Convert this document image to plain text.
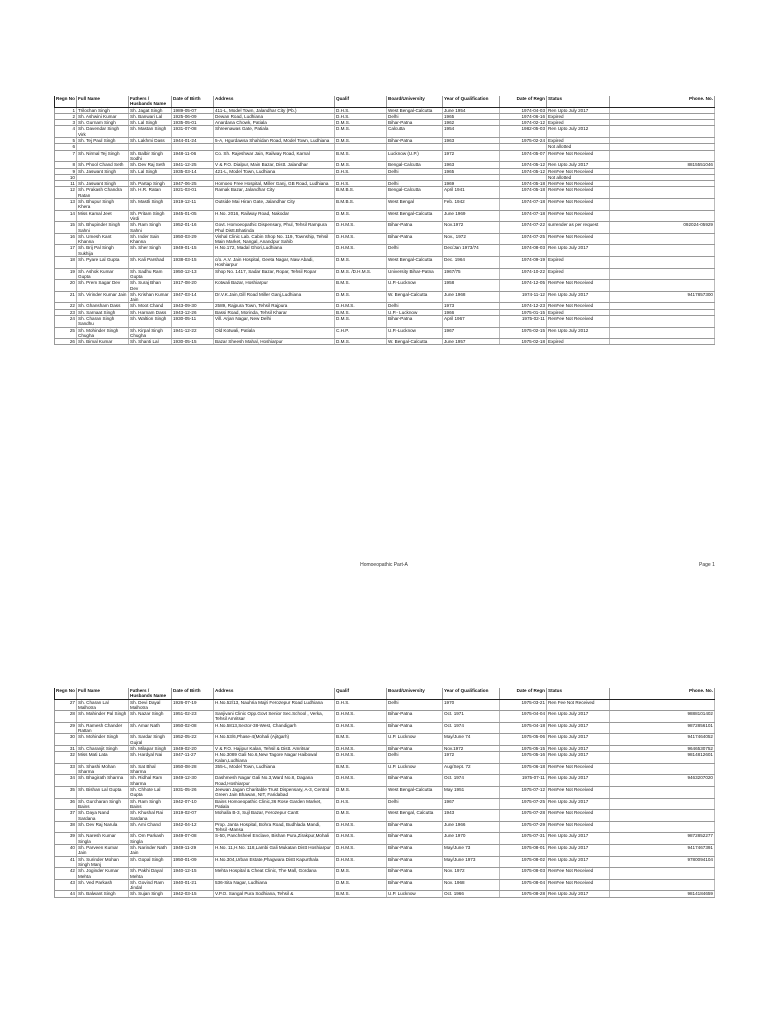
Regn No	Full Name	Fathers / Husbands Name	Date of Birth	Address	Qualif	Board/University	Year of Qualification	Date of Regn	Status	Phone. No.
1	Trilochan Singh	Sh. Jagat Singh	1989-05-07	411-L, Model Town, Jalandhar City (Pb.)	D.H.S.	West Bengal-Calcutta	June 1954	1974-04-03	Ren Upto July 2017	
2	Sh. Ashwini Kumar	Sh. Banwari Lal	1925-06-09	Dewan Road, Ludhiana	D.H.S.	Delhi	1965	1974-06-16	Expired	
3	Sh. Gurnam Singh	Sh. Lal Singh	1935-05-01	Anardana Chowk, Patiala	D.M.S.	Bihar-Patna	1962	1974-02-12	Expired	
4	Sh. Davendar Singh Virk	Sh. Mastan Singh	1931-07-08	Shreenawas Gate, Patiala	D.M.S.	Calcutta	1954	1982-05-03	Ren Upto July 2012	
5	Sh. Tej Paul Singh	Sh. Lakhmi Dass	1944-01-24	5-A, Hgurdawsa Shahidan Road, Model Town, Ludhiana	D.M.S.	Bihar-Patna	1963	1975-02-24	Expired	
6									Not allotted	
7	Sh. Nirmal Tej Singh	Sh. Balbir Singh Sodhi	1948-11-06	Co. Sh. Rajeshwar Jain, Railway Road, Karnal	B.M.S.	Lucknow (U.P.)	1972	1974-05-07	RenFee Not Received	
8	Sh. Phool Chand Seth	Sh. Dev Raj Seth	1941-12-25	V & P.O. Dialpur, Main Bazar, Distt. Jalandhar	D.M.S.	Bengal-Calcutta	1963	1974-05-12	Ren Upto July 2017	8815551046
9	Sh. Jaswant Singh	Sh. Lal Singh	1935-03-14	421-L, Model Town, Ludhiana	D.H.S.	Delhi	1965	1974-05-12	RenFee Not Received	
10									Not allotted	
11	Sh. Jaswant Singh	Sh. Partap Singh	1947-06-25	Homoeo Free Hospital, Miller Ganj, GB Road, Ludhiana	D.H.S.	Delhi	1969	1974-05-18	RenFee Not Received	
12	Sh. Prakash Chandra Ratan	Sh. H.R. Ratan	1921-03-01	Ramak Bazar, Jalandhar City	B.M.B.S.	Bengal-Calcutta	April 1941	1974-05-18	RenFee Not Received	
13	Sh. Bhupur Singh Khera	Sh. Mastli Singh	1919-12-11	Outside Mai Hiran Gate, Jalandhar City	B.M.B.S.	West Bengal	Feb. 1942	1974-07-18	RenFee Not Received	
14	Miss Kamal Jeet	Sh. Pritam Singh Virdi	1945-01-05	H.No. 2016, Railway Road, Nakodar	D.M.S.	West Bengal-Calcutta	June 1969	1974-07-18	RenFee Not Received	
15	Sh. Bhupinder Singh Sahni	Sh. Ram Singh Sahni	1952-01-16	Govt. Homoeopathic Dispensary, Phul, Tehsil Rampura Phul Distt.Bhatinda	D.H.M.S.	Bihar-Patna	Nov.1972	1974-07-22	surrender as per request	092024-05929
16	Sh. Umesh Kant Khanna	Sh. Inder Sain Khanna	1950-03-29	Vishal Clinic Lab. Cabin Shop No. 119, Township, Tehsil Main Market, Nangal, Anandpur Sahib	D.H.M.S.	Bihar-Patna	Nov., 1972	1974-07-25	RenFee Not Received	
17	Sh. Brij Pal Singh Sukhija	Sh. Sher Singh	1949-01-15	H.No.172, Madal Ghori,Ludhiana	D.H.M.S.	Delhi	Dec/Jan 1973/74	1974-08-03	Ren Upto July 2017	
18	Sh. Pyare Lal Gupta	Sh. Kali Parshad	1938-03-15	c/o. A.V. Jain Hospital, Geeta Nagar, Naw Abadi, Hoshiarpur	D.M.S.	West Bengal-Calcutta	Dec. 1964	1974-09-19	Expired	
19	Sh. Ashok Kumar Gupta	Sh. Sadhu Ram Gupta	1950-12-13	Shop No. 1417, Sadar Bazar, Ropar, Tehsil Ropar	D.M.S. /D.H.M.S.	University Bihar-Patna	1967/75	1974-10-22	Expired	
20	Sh. Prem Sagar Dev	Sh. Suraj Bhan Dev	1917-08-20	Kotwali Bazar, Hoshiarpur	B.M.S.	U.P.-Lucknow	1958	1974-12-05	RenFee Not Received	
21	Sh. Virinder Kumar Jain	Sh. Krishan Kumar Jain	1947-03-14	Dr.V.K.Jain,Gill Road Miller Ganj,Ludhiana	D.M.S.	W. Bengal-Calcutta	June 1968	1974-11-12	Ren Upto July 2017	9417857300
22	Sh. Ghansham Dass	Sh. Moot Chand	1943-09-30	2589, Rajpura Town, Tehsil Rajpura	D.H.M.S.	Delhi	1973	1974-12-23	RenFee Not Received	
23	Sh. Sarnaat Singh	Sh. Harnam Dass	1943-12-26	Bassi Road, Morinda, Tehsil Kharar	B.M.S.	U.P.- Lucknow	1966	1975-01-15	Expired	
24	Sh. Charan Singh Sandhu	Sh. Waltion Singh	1930-05-11	Vill. Arjan Nagar, New Delhi	D.M.S.	Bihar-Patna	April 1967	1975-02-11	RenFee Not Received	
25	Sh. Mohinder Singh Chugha	Sh. Kirpal Singh Chugha	1941-12-22	Old Kotwali, Patiala	C.H.P.	U.P.-Lucknow	1967	1975-02-15	Ren Upto July 2012	
26	Sh. Bimal Kumar	Sh. Shanti Lal	1930-05-15	Bazar Sheesh Mahal, Hoshiarpur	D.M.S.	W. Bengal-Calcutta	June 1957	1975-02-18	Expired	
Homoeopathic Part-A	Page 1
Regn No	Full Name	Fathers / Husbands Name	Date of Birth	Address	Qualif	Board/University	Year of Qualification	Date of Regn	Status	Phone. No.
27	Sh. Charan Lal Malhotra	Sh. Devi Dayal Malhotra	1926-07-19	H.No.52/13, Nauhria Majri Ferozepur Road Ludhiana	D.H.S.	Delhi	1970	1975-03-21	Ren Fee Not Received	
28	Sh. Mahinder Pal Singh	Sh. Nazar Singh	1951-02-23	Sanjivani Clinic Opp.Govt Senior Sec.School , Verka, Tehsil Amritsar	D.H.M.S.	Bihar-Patna	Oct. 1971	1975-04-04	Ren Upto July 2017	9888101402
29	Sh. Ramesh Chander Rattan	Sh. Amar Nath	1950-02-08	H.No.5813,Sector-38-West, Chandigarh	D.H.M.S.	Bihar-Patna	Oct. 1974	1975-04-18	Ren Upto July 2017	9872856101
30	Sh. Mohinder Singh	Sh. Sardar Singh Gujral	1952-05-22	H.No.53/6,Phase-4(Mohali (Ajitgarh)	B.M.S.	U.P. Lucknow	May/June 74	1975-05-06	Ren Upto July 2017	9417464052
31	Sh. Charanjit Singh	Sh. Milapar Singh	1949-02-20	V & P.O. Hajipur Kalan, Tehsil & Distt. Amritsar	D.H.M.S.	Bihar-Patna	Nov.1972	1975-05-15	Ren Upto July 2017	9646530752
32	Miss Mati Lata	Sh. Hardyal Nai	1947-11-27	H.No.3089 Gali No.6,New Tagore Nagar Haibowal Kalan,Ludhiana	D.H.M.S.	Delhi	1972	1975-05-16	Ren Upto July 2017	9814812601
33	Sh. Shashi Mohan Sharma	Sh. Sat Bhal Sharma	1950-08-28	355-L, Model Town, Ludhiana	B.M.S.	U.P. Lucknow	Aug/Sept. 72	1975-06-18	RenFee Not Received	
34	Sh. Bhagirath Sharma	Sh. Ridhal Ram Sharma	1949-12-30	Dashmesh Nagar Gali No.3,Ward No.8, Dagana Road,Hoshiarpur	D.H.M.S.	Bihar-Patna	Oct. 1974	1975-07-11	Ren Upto July 2017	9463207020
35	Sh. Bishan Lal Gupta	Sh. Chhote Lal Gupta	1931-05-26	Jeewan Jagan Charitable Trust Dispensary, A-3, Central Green Jain Bhawan, NIT, Faridabad	D.M.S.	West Bengal-Calcutta	May 1951	1975-07-12	RenFee Not Received	
36	Sh. Gurcharan Singh Bains	Sh. Ram Singh Bains	1942-07-10	Bains Homoeopathic Clinic,36 Rose Garden Market, Patiala	D.H.S.	Delhi	1967	1975-07-25	Ren Upto July 2017	
37	Sh. Daya Nand Sardana	Sh. Khushal Rai Sardana	1919-02-07	Mohalla B-3, Sujl Bazar, Ferozepur Cantt	D.M.S.	West Bengal, Calcutta	1943	1975-07-28	RenFee Not Received	
38	Sh. Dev Raj Narula	Sh. Ami Chand	1942-04-12	Prop. Janta Hospital, Bohra Road, Budhlada Mandi, Tehsil -Mansa	D.H.M.S.	Bihar-Patna	June 1966	1975-07-29	RenFee Not Received	
39	Sh. Naresh Kumar Singla	Sh. Om Parkash Singla	1949-07-08	S-50, Panchsheel Enclave, Bishan Pura,Zirakpur,Mohali	D.H.M.S.	Bihar-Patna	June 1970	1975-07-31	Ren Upto July 2017	9872852277
40	Sh. Parveen Kumar Jain	Sh. Narinder Nath Jain	1949-11-29	H.No. 11,H.No. 118,Lambi Gali Mukatan Distt Hoshiarpur	D.H.M.S.	Bihar-Patna	May/June 73	1975-08-01	Ren Upto July 2017	9417467391
41	Sh. Surinder Mohan Singh Manj	Sh. Gopal Singh	1950-01-09	H.No.304,Urban Estate,Phagwara Distt Kapurthala	D.H.M.S.	Bihar-Patna	May/June 1973	1975-08-02	Ren Upto July 2017	9780094104
42	Sh. Joginder Kumar Mehta	Sh. Pakhi Dayal Mehta	1940-12-15	Mehta Hospital & Cheat Clinic, The Mall, Gordana	D.M.S.	Bihar-Patna	Nov. 1972	1975-08-03	RenFee Not Received	
43	Sh. Ved Parkash	Sh. Govind Ram Jindal	1940-01-21	536-Sita Nagar, Ludhiana	D.M.S.	Bihar-Patna	Nov. 1968	1975-08-04	RenFee Not Received	
44	Sh. Balwant Singh	Sh. Sujan Singh	1942-03-15	V.P.O. Sangal Pura Sodhiana, Tehsil &	B.M.S.	U.P. Lucknow	Oct. 1966	1975-08-28	Ren Upto July 2017	9814184659
